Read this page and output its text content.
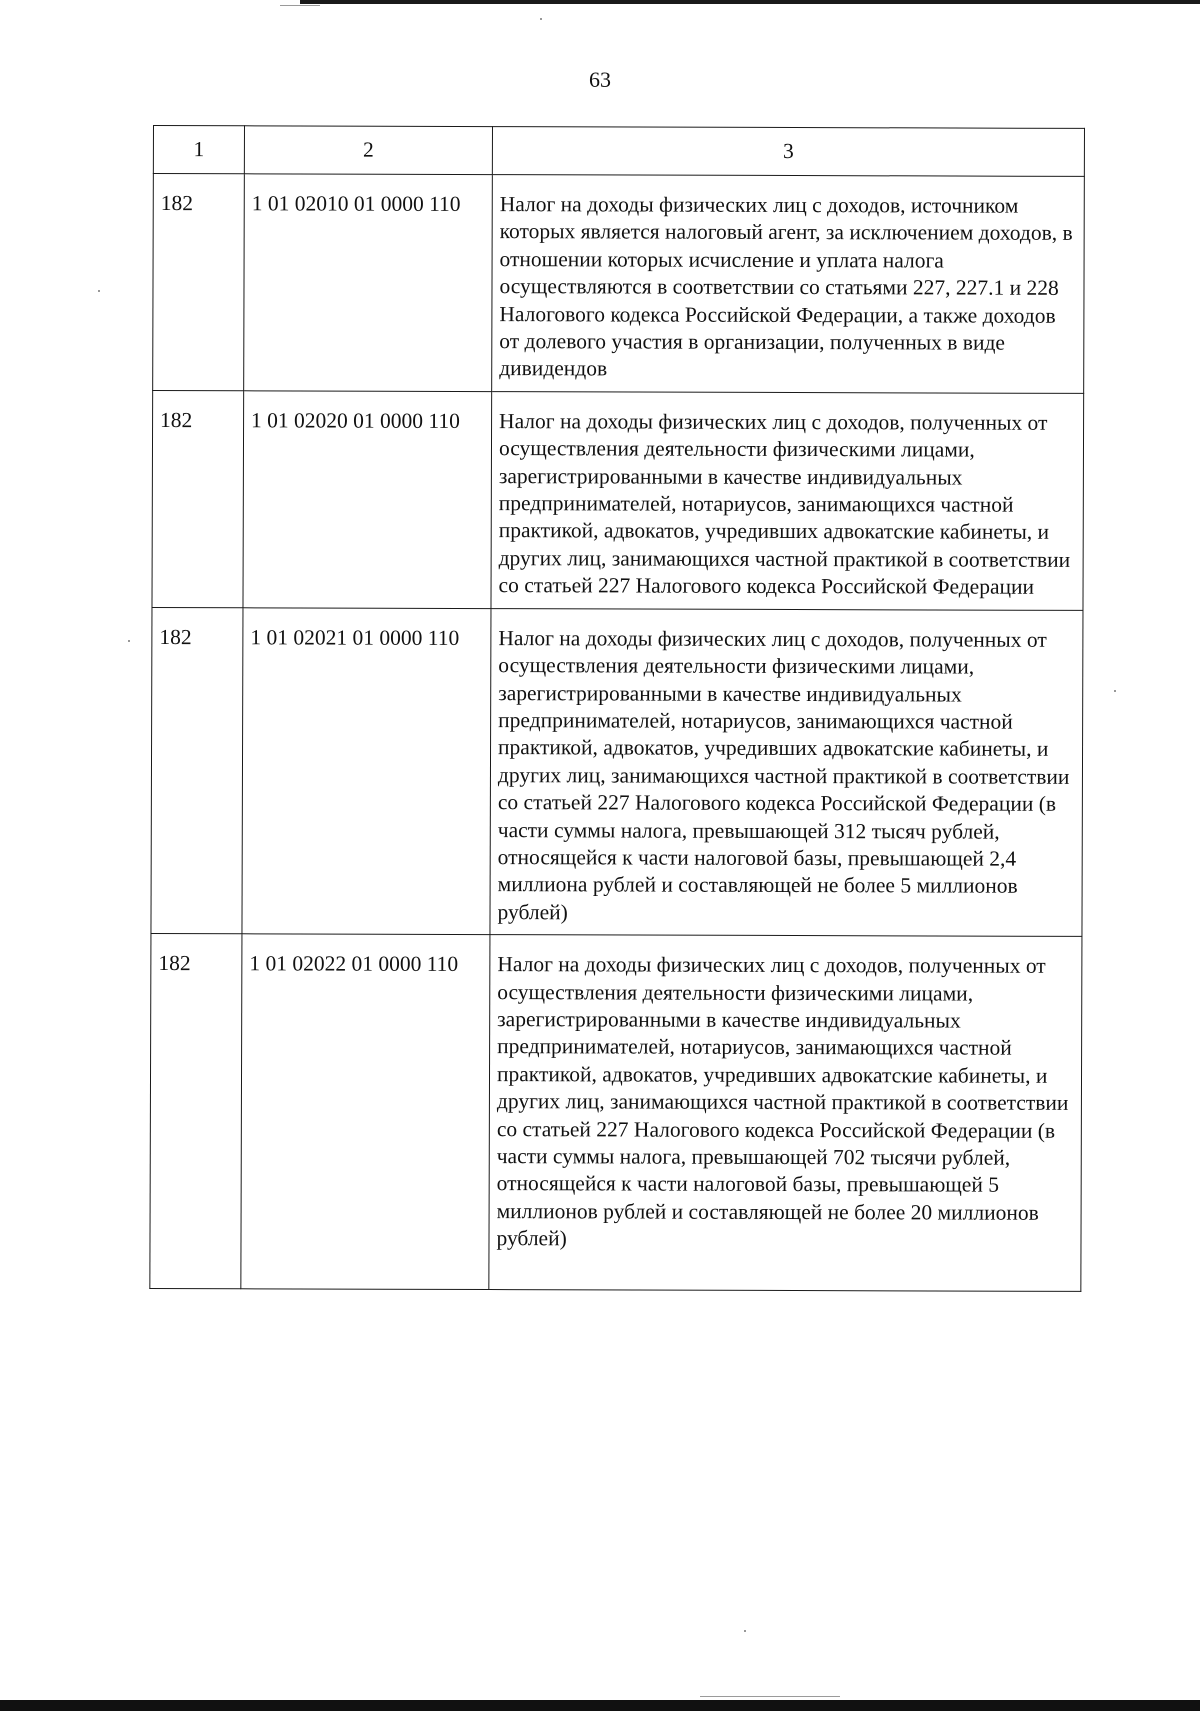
63
1	2	3
182	1 01 02010 01 0000 110	Налог на доходы физических лиц с доходов, источником которых является налоговый агент, за исключением доходов, в отношении которых исчисление и уплата налога осуществляются в соответствии со статьями 227, 227.1 и 228 Налогового кодекса Российской Федерации, а также доходов от долевого участия в организации, полученных в виде дивидендов
182	1 01 02020 01 0000 110	Налог на доходы физических лиц с доходов, полученных от осуществления деятельности физическими лицами, зарегистрированными в качестве индивидуальных предпринимателей, нотариусов, занимающихся частной практикой, адвокатов, учредивших адвокатские кабинеты, и других лиц, занимающихся частной практикой в соответствии со статьей 227 Налогового кодекса Российской Федерации
182	1 01 02021 01 0000 110	Налог на доходы физических лиц с доходов, полученных от осуществления деятельности физическими лицами, зарегистрированными в качестве индивидуальных предпринимателей, нотариусов, занимающихся частной практикой, адвокатов, учредивших адвокатские кабинеты, и других лиц, занимающихся частной практикой в соответствии со статьей 227 Налогового кодекса Российской Федерации (в части суммы налога, превышающей 312 тысяч рублей, относящейся к части налоговой базы, превышающей 2,4 миллиона рублей и составляющей не более 5 миллионов рублей)
182	1 01 02022 01 0000 110	Налог на доходы физических лиц с доходов, полученных от осуществления деятельности физическими лицами, зарегистрированными в качестве индивидуальных предпринимателей, нотариусов, занимающихся частной практикой, адвокатов, учредивших адвокатские кабинеты, и других лиц, занимающихся частной практикой в соответствии со статьей 227 Налогового кодекса Российской Федерации (в части суммы налога, превышающей 702 тысячи рублей, относящейся к части налоговой базы, превышающей 5 миллионов рублей и составляющей не более 20 миллионов рублей)
